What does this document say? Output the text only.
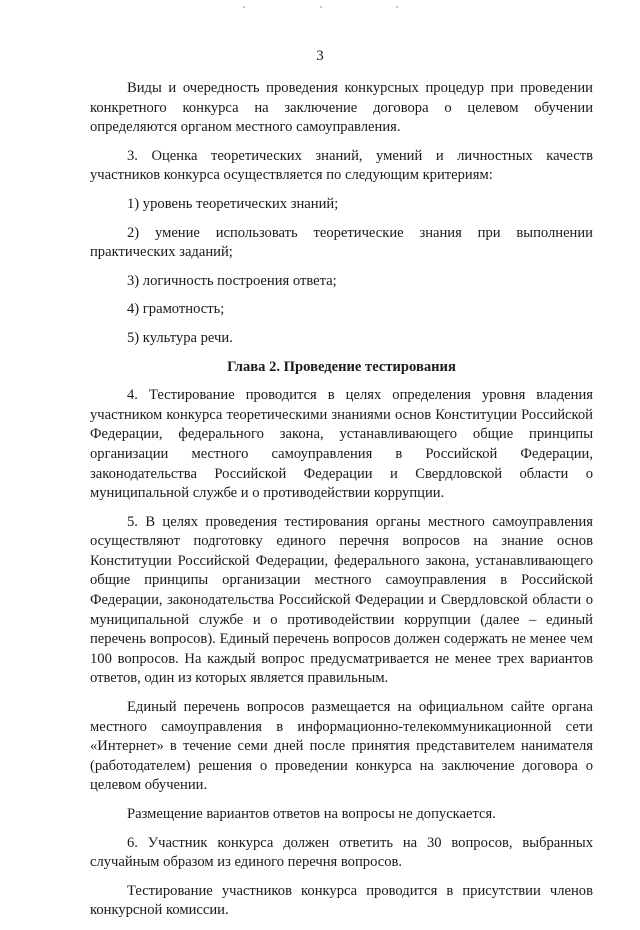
3

Виды и очередность проведения конкурсных процедур при проведении конкретного конкурса на заключение договора о целевом обучении определяются органом местного самоуправления.

3. Оценка теоретических знаний, умений и личностных качеств участников конкурса осуществляется по следующим критериям:

1) уровень теоретических знаний;

2) умение использовать теоретические знания при выполнении практических заданий;

3) логичность построения ответа;

4) грамотность;

5) культура речи.

Глава 2. Проведение тестирования

4. Тестирование проводится в целях определения уровня владения участником конкурса теоретическими знаниями основ Конституции Российской Федерации, федерального закона, устанавливающего общие принципы организации местного самоуправления в Российской Федерации, законодательства Российской Федерации и Свердловской области о муниципальной службе и о противодействии коррупции.

5. В целях проведения тестирования органы местного самоуправления осуществляют подготовку единого перечня вопросов на знание основ Конституции Российской Федерации, федерального закона, устанавливающего общие принципы организации местного самоуправления в Российской Федерации, законодательства Российской Федерации и Свердловской области о муниципальной службе и о противодействии коррупции (далее – единый перечень вопросов). Единый перечень вопросов должен содержать не менее чем 100 вопросов. На каждый вопрос предусматривается не менее трех вариантов ответов, один из которых является правильным.

Единый перечень вопросов размещается на официальном сайте органа местного самоуправления в информационно-телекоммуникационной сети «Интернет» в течение семи дней после принятия представителем нанимателя (работодателем) решения о проведении конкурса на заключение договора о целевом обучении.

Размещение вариантов ответов на вопросы не допускается.

6. Участник конкурса должен ответить на 30 вопросов, выбранных случайным образом из единого перечня вопросов.

Тестирование участников конкурса проводится в присутствии членов конкурсной комиссии.
